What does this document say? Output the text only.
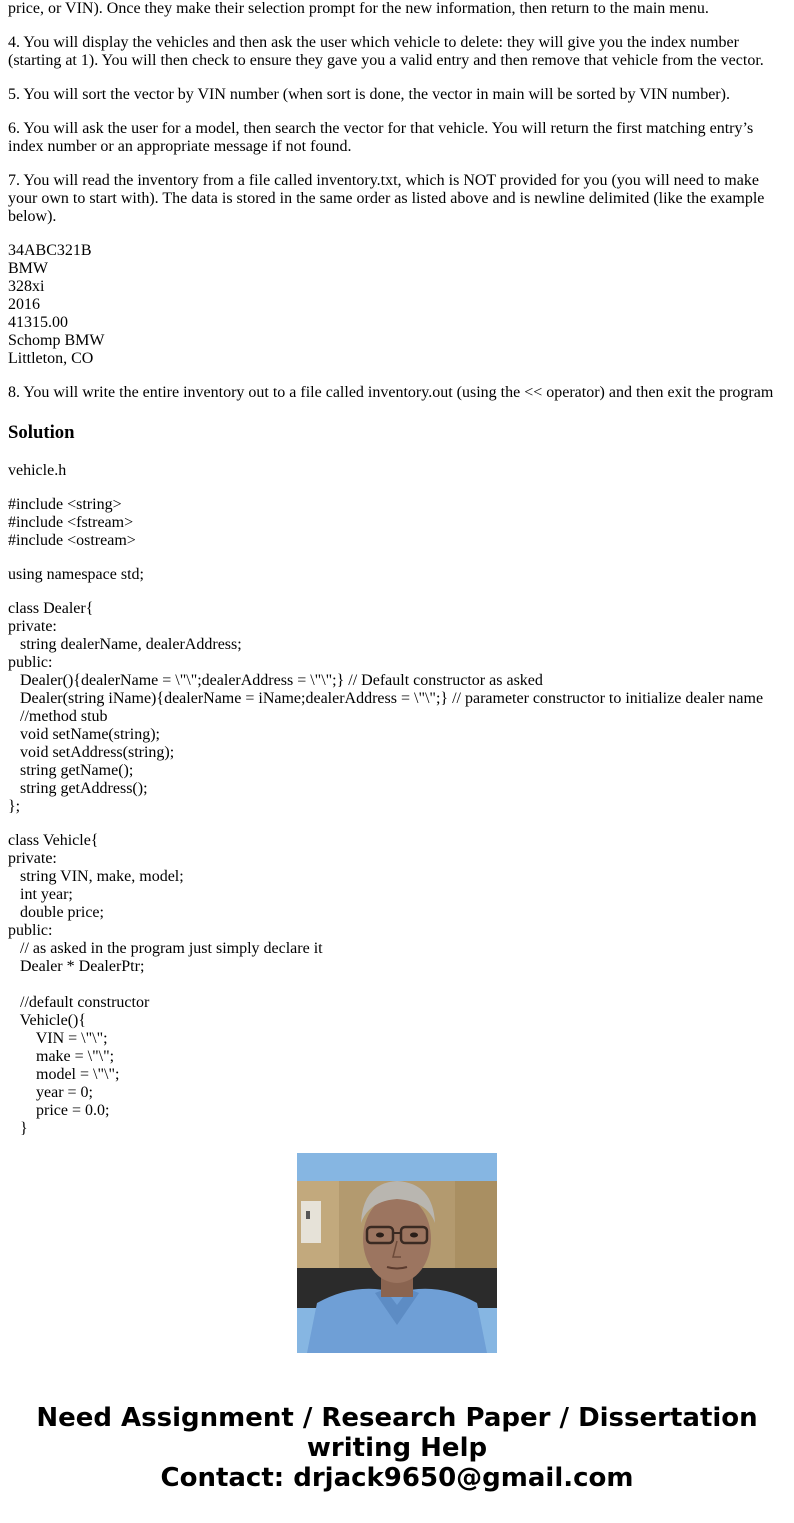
price, or VIN). Once they make their selection prompt for the new information, then return to the main menu.

4. You will display the vehicles and then ask the user which vehicle to delete: they will give you the index number (starting at 1). You will then check to ensure they gave you a valid entry and then remove that vehicle from the vector.

5. You will sort the vector by VIN number (when sort is done, the vector in main will be sorted by VIN number).

6. You will ask the user for a model, then search the vector for that vehicle. You will return the first matching entry’s index number or an appropriate message if not found.

7. You will read the inventory from a file called inventory.txt, which is NOT provided for you (you will need to make your own to start with). The data is stored in the same order as listed above and is newline delimited (like the example below).

34ABC321B
BMW
328xi
2016
41315.00
Schomp BMW
Littleton, CO

8. You will write the entire inventory out to a file called inventory.out (using the << operator) and then exit the program

Solution

vehicle.h

#include <string>
#include <fstream>
#include <ostream>

using namespace std;

class Dealer{
private:
string dealerName, dealerAddress;
public:
Dealer(){dealerName = \"\";dealerAddress = \"\";} // Default constructor as asked
Dealer(string iName){dealerName = iName;dealerAddress = \"\";} // parameter constructor to initialize dealer name
//method stub
void setName(string);
void setAddress(string);
string getName();
string getAddress();
};
class Vehicle{
private:
string VIN, make, model;
int year;
double price;
public:
// as asked in the program just simply declare it
Dealer * DealerPtr;
//default constructor
Vehicle(){
VIN = \"\";
make = \"\";
model = \"\";
year = 0;
price = 0.0;
}
Need Assignment / Research Paper / Dissertation
writing Help
Contact: drjack9650@gmail.com
